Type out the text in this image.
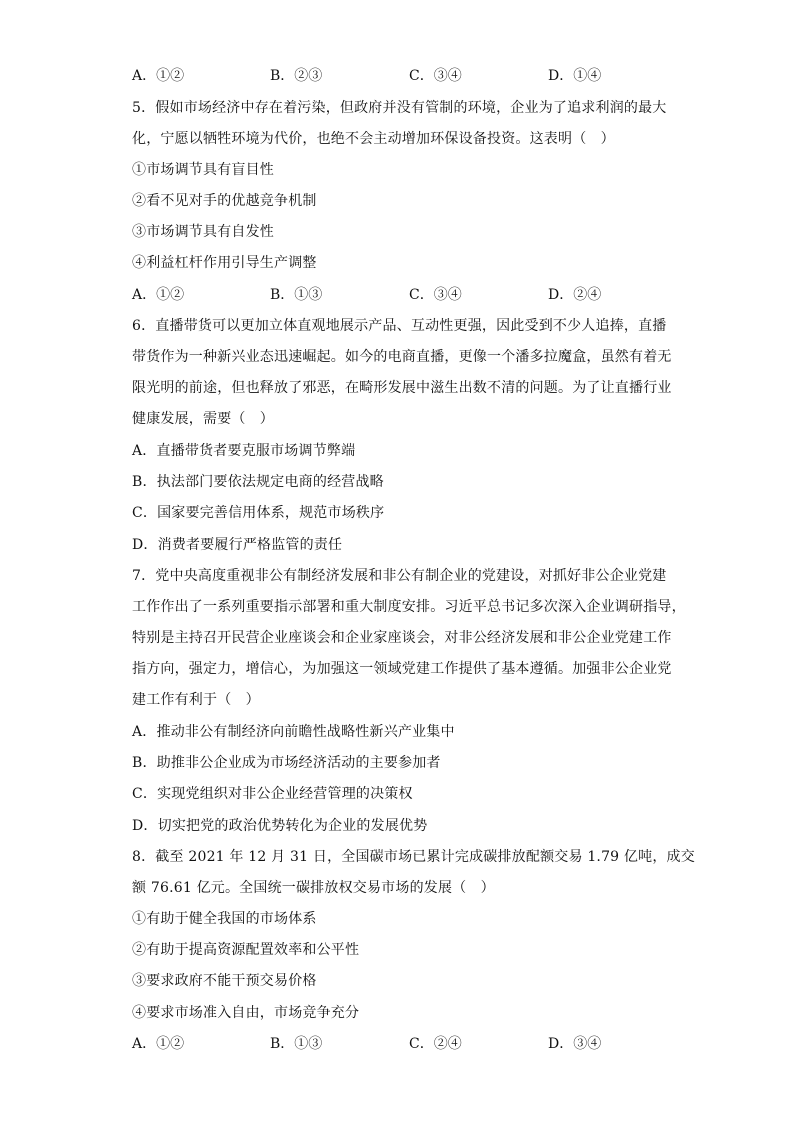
A．①②	B．②③	C．③④	D．①④
5．假如市场经济中存在着污染，但政府并没有管制的环境，企业为了追求利润的最大
化，宁愿以牺牲环境为代价，也绝不会主动增加环保设备投资。这表明（　）
①市场调节具有盲目性
②看不见对手的优越竞争机制
③市场调节具有自发性
④利益杠杆作用引导生产调整
A．①②	B．①③	C．③④	D．②④
6．直播带货可以更加立体直观地展示产品、互动性更强，因此受到不少人追捧，直播
带货作为一种新兴业态迅速崛起。如今的电商直播，更像一个潘多拉魔盒，虽然有着无
限光明的前途，但也释放了邪恶，在畸形发展中滋生出数不清的问题。为了让直播行业
健康发展，需要（　）
A．直播带货者要克服市场调节弊端
B．执法部门要依法规定电商的经营战略
C．国家要完善信用体系，规范市场秩序
D．消费者要履行严格监管的责任
7．党中央高度重视非公有制经济发展和非公有制企业的党建设，对抓好非公企业党建
工作作出了一系列重要指示部署和重大制度安排。习近平总书记多次深入企业调研指导，
特别是主持召开民营企业座谈会和企业家座谈会，对非公经济发展和非公企业党建工作
指方向，强定力，增信心，为加强这一领域党建工作提供了基本遵循。加强非公企业党
建工作有利于（　）
A．推动非公有制经济向前瞻性战略性新兴产业集中
B．助推非公企业成为市场经济活动的主要参加者
C．实现党组织对非公企业经营管理的决策权
D．切实把党的政治优势转化为企业的发展优势
8．截至 2021 年 12 月 31 日，全国碳市场已累计完成碳排放配额交易 1.79 亿吨，成交
额 76.61 亿元。全国统一碳排放权交易市场的发展（　）
①有助于健全我国的市场体系
②有助于提高资源配置效率和公平性
③要求政府不能干预交易价格
④要求市场准入自由，市场竞争充分
A．①②	B．①③	C．②④	D．③④
